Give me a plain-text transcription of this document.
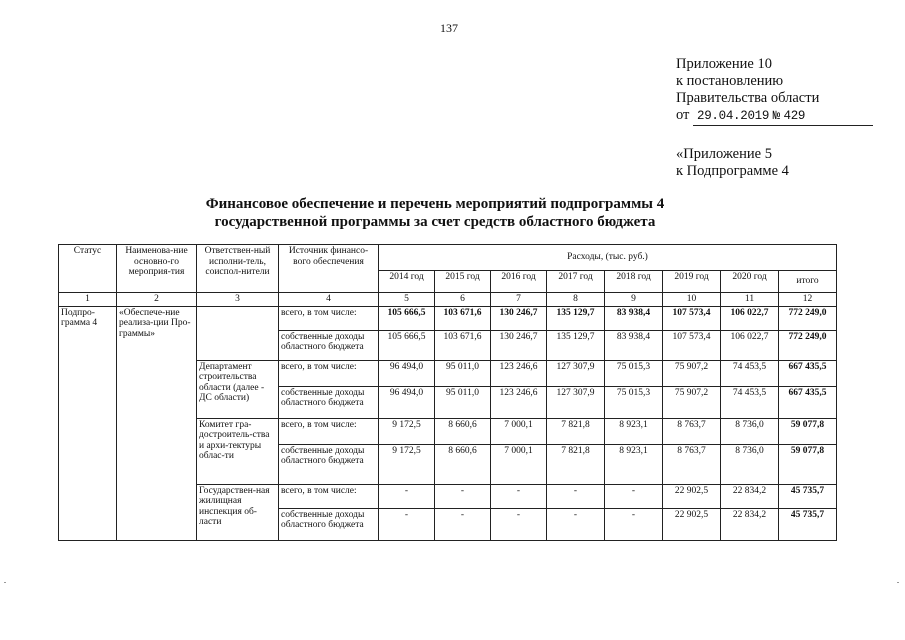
137
Приложение 10
к постановлению
Правительства области
от 29.04.2019 № 429
«Приложение 5
к Подпрограмме 4
Финансовое обеспечение и перечень мероприятий подпрограммы 4
государственной программы за счет средств областного бюджета
Статус	Наименова-ние основно-го мероприя-тия	Ответствен-ный исполни-тель, соиспол-нители	Источник финансо-вого обеспечения	Расходы, (тыс. руб.)							
				2014 год	2015 год	2016 год	2017 год	2018 год	2019 год	2020 год	итого
1	2	3	4	5	6	7	8	9	10	11	12
Подпро-грамма 4	«Обеспече-ние реализа-ции Про-граммы»		всего, в том числе:	105 666,5	103 671,6	130 246,7	135 129,7	83 938,4	107 573,4	106 022,7	772 249,0
			собственные доходы областного бюджета	105 666,5	103 671,6	130 246,7	135 129,7	83 938,4	107 573,4	106 022,7	772 249,0
		Департамент строительства области (далее - ДС области)	всего, в том числе:	96 494,0	95 011,0	123 246,6	127 307,9	75 015,3	75 907,2	74 453,5	667 435,5
			собственные доходы областного бюджета	96 494,0	95 011,0	123 246,6	127 307,9	75 015,3	75 907,2	74 453,5	667 435,5
		Комитет гра-достроитель-ства и архи-тектуры облас-ти	всего, в том числе:	9 172,5	8 660,6	7 000,1	7 821,8	8 923,1	8 763,7	8 736,0	59 077,8
			собственные доходы областного бюджета	9 172,5	8 660,6	7 000,1	7 821,8	8 923,1	8 763,7	8 736,0	59 077,8
		Государствен-ная жилищная инспекция об-ласти	всего, в том числе:	-	-	-	-	-	22 902,5	22 834,2	45 735,7
			собственные доходы областного бюджета	-	-	-	-	-	22 902,5	22 834,2	45 735,7
